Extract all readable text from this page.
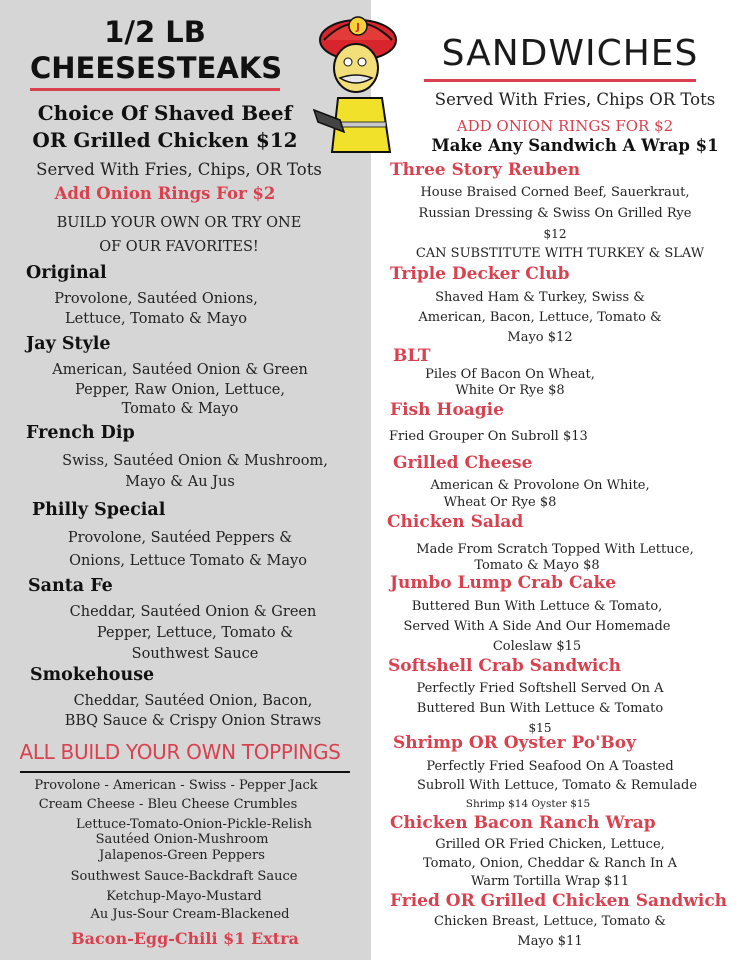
1/2 LB
CHEESESTEAKS
Choice Of Shaved Beef
OR Grilled Chicken $12
Served With Fries, Chips, OR Tots
Add Onion Rings For $2
BUILD YOUR OWN OR TRY ONE
OF OUR FAVORITES!
Original
Provolone, Sautéed Onions,
Lettuce, Tomato & Mayo
Jay Style
American, Sautéed Onion & Green
Pepper, Raw Onion, Lettuce,
Tomato & Mayo
French Dip
Swiss, Sautéed Onion & Mushroom,
Mayo & Au Jus
Philly Special
Provolone, Sautéed Peppers &
Onions, Lettuce Tomato & Mayo
Santa Fe
Cheddar, Sautéed Onion & Green
Pepper, Lettuce, Tomato &
Southwest Sauce
Smokehouse
Cheddar, Sautéed Onion, Bacon,
BBQ Sauce & Crispy Onion Straws
ALL BUILD YOUR OWN TOPPINGS
Provolone - American - Swiss - Pepper Jack
Cream Cheese - Bleu Cheese Crumbles
Lettuce-Tomato-Onion-Pickle-Relish
Sautéed Onion-Mushroom
Jalapenos-Green Peppers
Southwest Sauce-Backdraft Sauce
Ketchup-Mayo-Mustard
Au Jus-Sour Cream-Blackened
Bacon-Egg-Chili $1 Extra
J
SANDWICHES
Served With Fries, Chips OR Tots
ADD ONION RINGS FOR $2
Make Any Sandwich A Wrap $1
Three Story Reuben
House Braised Corned Beef, Sauerkraut,
Russian Dressing & Swiss On Grilled Rye
$12
CAN SUBSTITUTE WITH TURKEY & SLAW
Triple Decker Club
Shaved Ham & Turkey, Swiss &
American, Bacon, Lettuce, Tomato &
Mayo $12
BLT
Piles Of Bacon On Wheat,
White Or Rye $8
Fish Hoagie
Fried Grouper On Subroll $13
Grilled Cheese
American & Provolone On White,
Wheat Or Rye $8
Chicken Salad
Made From Scratch Topped With Lettuce,
Tomato & Mayo $8
Jumbo Lump Crab Cake
Buttered Bun With Lettuce & Tomato,
Served With A Side And Our Homemade
Coleslaw $15
Softshell Crab Sandwich
Perfectly Fried Softshell Served On A
Buttered Bun With Lettuce & Tomato
$15
Shrimp OR Oyster Po'Boy
Perfectly Fried Seafood On A Toasted
Subroll With Lettuce, Tomato & Remulade
Shrimp $14 Oyster $15
Chicken Bacon Ranch Wrap
Grilled OR Fried Chicken, Lettuce,
Tomato, Onion, Cheddar & Ranch In A
Warm Tortilla Wrap $11
Fried OR Grilled Chicken Sandwich
Chicken Breast, Lettuce, Tomato &
Mayo $11
